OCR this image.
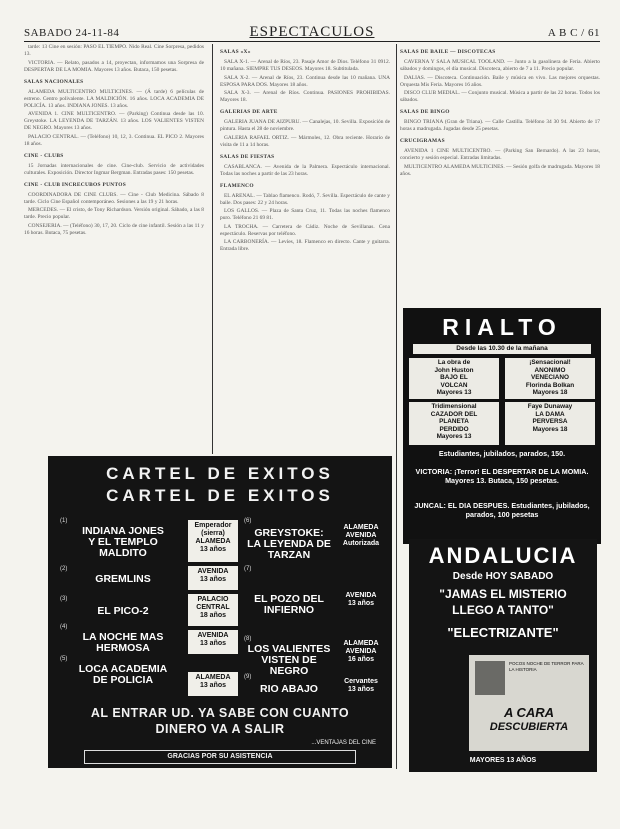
SABADO 24-11-84	ESPECTACULOS	A B C / 61

tarde: 13 Cine en sesión: PASO EL TIEMPO. Nido Real. Cine Sorpresa, pedidos 13.

VICTORIA. — Relato, pasados a 14, proyectan, informamos una Sorpresa de DESPERTAR DE LA MOMIA. Mayores 13 años. Butaca, 150 pesetas.

SALAS NACIONALES

ALAMEDA MULTICENTRO MULTICINES. — (Á tarde) 6 películas de estreno. Centro polivalente. LA MALDICIÓN. 16 años. LOCA ACADEMIA DE POLICÍA. 13 años. INDIANA JONES. 13 años.

AVENIDA 1. CINE MULTICENTRO. — (Parking) Continua desde las 10. Greystoke. LA LEYENDA DE TARZÁN. 13 años. LOS VALIENTES VISTEN DE NEGRO. Mayores 13 años.

PALACIO CENTRAL. — (Teléfono) 10, 12, 3. Continua. EL PICO 2. Mayores 18 años.

CINE - CLUBS

15 Jornadas internacionales de cine. Cine-club. Servicio de actividades culturales. Exposición. Director Ingmar Bergman. Entradas pases: 150 pesetas.

CINE - CLUB INCRECUBOS PUNTOS

COORDINADORA DE CINE CLUBS. — Cine - Club Medicina. Sábado 8 tarde. Ciclo Cine Español contemporáneo. Sesiones a las 19 y 21 horas.

MERCEDES. — El cristo, de Tony Richardson. Versión original. Sábado, a las 8 tarde. Precio popular.

CONSEJERIA. — (Teléfono) 30, 17, 20. Ciclo de cine infantil. Sesión a las 11 y 16 horas. Butaca, 75 pesetas.

SALAS «X»

SALA X-1. — Arenal de Ríos, 23. Pasaje Amor de Dios. Teléfono 31 0912. 10 mañana. SIEMPRE TUS DESEOS. Mayores 18. Subtitulada.

SALA X-2. — Arenal de Ríos, 23. Continua desde las 10 mañana. UNA ESPOSA PARA DOS. Mayores 18 años.

SALA X-3. — Arenal de Ríos. Continua. PASIONES PROHIBIDAS. Mayores 18.

GALERIAS DE ARTE

GALERIA JUANA DE AIZPURU. — Canalejas, 10. Sevilla. Exposición de pintura. Hasta el 28 de noviembre.

GALERIA RAFAEL ORTIZ. — Mármoles, 12. Obra reciente. Horario de visita de 11 a 14 horas.

SALAS DE FIESTAS

CASABLANCA. — Avenida de la Palmera. Espectáculo internacional. Todas las noches a partir de las 23 horas.

FLAMENCO

EL ARENAL. — Tablao flamenco. Rodó, 7. Sevilla. Espectáculo de cante y baile. Dos pases: 22 y 24 horas.

LOS GALLOS. — Plaza de Santa Cruz, 11. Todas las noches flamenco puro. Teléfono 21 69 81.

LA TROCHA. — Carretera de Cádiz. Noche de Sevillanas. Cena espectáculo. Reservas por teléfono.

LA CARBONERÍA. — Levíes, 18. Flamenco en directo. Cante y guitarra. Entrada libre.

SALAS DE BAILE — DISCOTECAS

CAVERNA Y SALA MUSICAL TOOLAND. — Junto a la gasolinera de Feria. Abierto sábados y domingos, el día musical. Discoteca, abierto de 7 a 11. Precio popular.

DALIAS. — Discoteca. Continuación. Baile y música en vivo. Las mejores orquestas. Orquesta Mis Feria. Mayores 16 años.

DISCO CLUB MEDIAL. — Conjunto musical. Música a partir de las 22 horas. Todos los sábados.

SALAS DE BINGO

BINGO TRIANA (Gran de Triana). — Calle Castilla. Teléfono 34 30 94. Abierto de 17 horas a madrugada. Jugadas desde 25 pesetas.

CRUCIGRAMAS

AVENIDA 1 CINE MULTICENTRO. — (Parking San Bernardo). A las 23 horas, concierto y sesión especial. Entradas limitadas.

MULTICENTRO ALAMEDA MULTICINES. — Sesión golfa de madrugada. Mayores 18 años.

CARTEL DE EXITOS
CARTEL DE EXITOS
(1)
INDIANA JONES
Y EL TEMPLO
MALDITO
(2)
GREMLINS
(3)
EL PICO-2
(4)
LA NOCHE MAS
HERMOSA
(5)
LOCA ACADEMIA
DE POLICIA
Emperador
(sierra)
ALAMEDA
13 años
AVENIDA
13 años
PALACIO
CENTRAL
18 años
AVENIDA
13 años
ALAMEDA
13 años
(6)
GREYSTOKE:
LA LEYENDA DE
TARZAN
ALAMEDA
AVENIDA
Autorizada
(7)
EL POZO DEL
INFIERNO
AVENIDA
13 años
(8)
LOS VALIENTES
VISTEN DE NEGRO
ALAMEDA
AVENIDA
16 años
(9)
RIO ABAJO
Cervantes
13 años
AL ENTRAR UD. YA SABE CON CUANTO
DINERO VA A SALIR
...VENTAJAS DEL CINE
GRACIAS POR SU ASISTENCIA
RIALTO
Desde las 10.30 de la mañana
La obra de
John Huston
BAJO EL
VOLCAN
Mayores 13
¡Sensacional!
ANONIMO
VENECIANO
Florinda Bolkan
Mayores 18
Tridimensional
CAZADOR DEL
PLANETA
PERDIDO
Mayores 13
Faye Dunaway
LA DAMA
PERVERSA
Mayores 18
Estudiantes, jubilados, parados, 150.
VICTORIA: ¡Terror! EL DESPERTAR DE LA MOMIA. Mayores 13. Butaca, 150 pesetas.
JUNCAL: EL DIA DESPUES. Estudiantes, jubilados, parados, 100 pesetas
ANDALUCIA
Desde HOY SABADO
"JAMAS EL MISTERIO
LLEGO A TANTO"
"ELECTRIZANTE"
POCOS NOCHE DE TERROR PARA LA HISTORIA
A CARA
DESCUBIERTA
MAYORES 13 AÑOS
